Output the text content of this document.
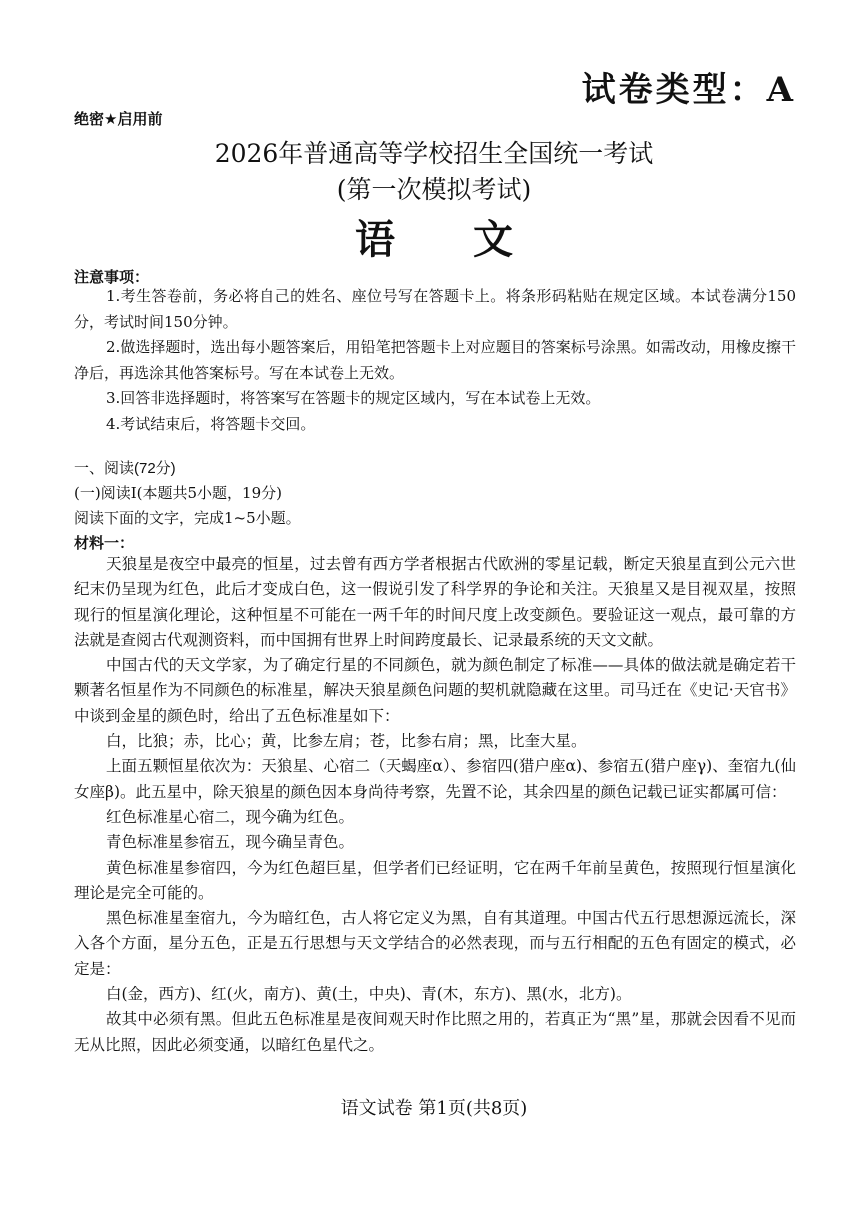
试卷类型：A
绝密★启用前
2026年普通高等学校招生全国统一考试
(第一次模拟考试)
语文
注意事项：

1.考生答卷前，务必将自己的姓名、座位号写在答题卡上。将条形码粘贴在规定区域。本试卷满分150分，考试时间150分钟。

2.做选择题时，选出每小题答案后，用铅笔把答题卡上对应题目的答案标号涂黑。如需改动，用橡皮擦干净后，再选涂其他答案标号。写在本试卷上无效。

3.回答非选择题时，将答案写在答题卡的规定区域内，写在本试卷上无效。

4.考试结束后，将答题卡交回。

一、阅读(72分)
(一)阅读Ⅰ(本题共5小题，19分)
阅读下面的文字，完成1~5小题。
材料一：

天狼星是夜空中最亮的恒星，过去曾有西方学者根据古代欧洲的零星记载，断定天狼星直到公元六世纪末仍呈现为红色，此后才变成白色，这一假说引发了科学界的争论和关注。天狼星又是目视双星，按照现行的恒星演化理论，这种恒星不可能在一两千年的时间尺度上改变颜色。要验证这一观点，最可靠的方法就是查阅古代观测资料，而中国拥有世界上时间跨度最长、记录最系统的天文文献。

中国古代的天文学家，为了确定行星的不同颜色，就为颜色制定了标准——具体的做法就是确定若干颗著名恒星作为不同颜色的标准星，解决天狼星颜色问题的契机就隐藏在这里。司马迁在《史记·天官书》中谈到金星的颜色时，给出了五色标准星如下：

白，比狼；赤，比心；黄，比参左肩；苍，比参右肩；黑，比奎大星。

上面五颗恒星依次为：天狼星、心宿二（天蝎座α）、参宿四(猎户座α)、参宿五(猎户座γ)、奎宿九(仙女座β)。此五星中，除天狼星的颜色因本身尚待考察，先置不论，其余四星的颜色记载已证实都属可信：

红色标准星心宿二，现今确为红色。

青色标准星参宿五，现今确呈青色。

黄色标准星参宿四，今为红色超巨星，但学者们已经证明，它在两千年前呈黄色，按照现行恒星演化理论是完全可能的。

黑色标准星奎宿九，今为暗红色，古人将它定义为黑，自有其道理。中国古代五行思想源远流长，深入各个方面，星分五色，正是五行思想与天文学结合的必然表现，而与五行相配的五色有固定的模式，必定是：

白(金，西方)、红(火，南方)、黄(土，中央)、青(木，东方)、黑(水，北方)。

故其中必须有黑。但此五色标准星是夜间观天时作比照之用的，若真正为“黑”星，那就会因看不见而无从比照，因此必须变通，以暗红色星代之。

语文试卷 第1页(共8页)
